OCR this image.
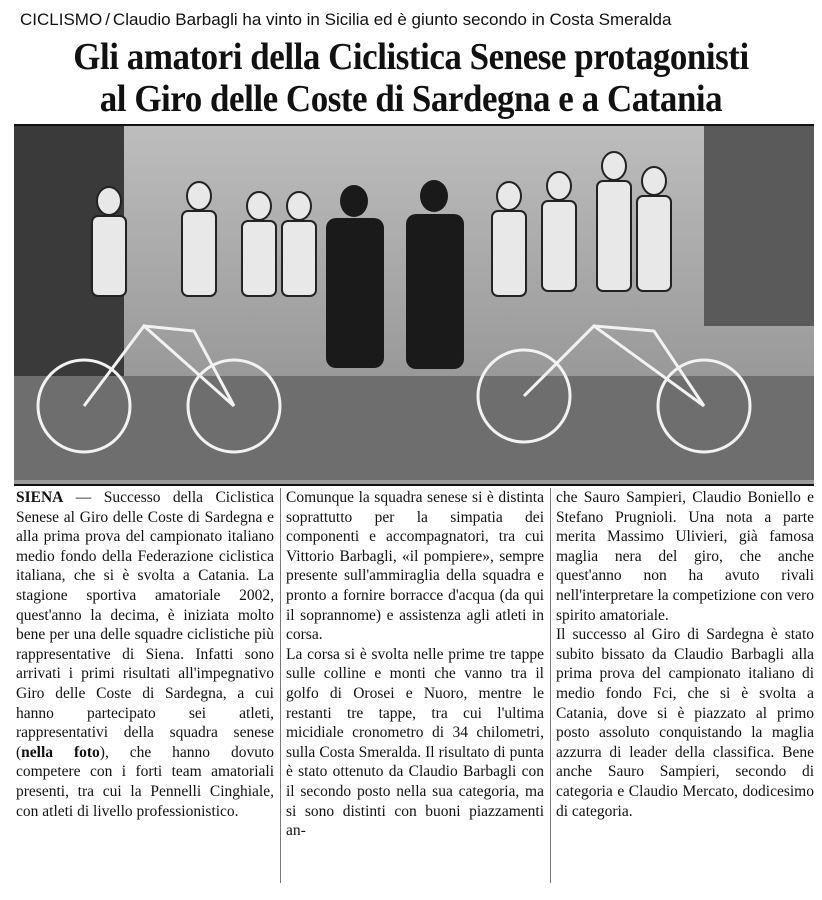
CICLISMO / Claudio Barbagli ha vinto in Sicilia ed è giunto secondo in Costa Smeralda
Gli amatori della Ciclistica Senese protagonisti
al Giro delle Coste di Sardegna e a Catania

SIENA — Successo della Ciclistica Senese al Giro delle Coste di Sardegna e alla prima prova del campionato italiano medio fondo della Federazione ciclistica italiana, che si è svolta a Catania. La stagione sportiva amatoriale 2002, quest'anno la decima, è iniziata molto bene per una delle squadre ciclistiche più rappresentative di Siena. Infatti sono arrivati i primi risultati all'impegnativo Giro delle Coste di Sardegna, a cui hanno partecipato sei atleti, rappresentativi della squadra senese (nella foto), che hanno dovuto competere con i forti team amatoriali presenti, tra cui la Pennelli Cinghiale, con atleti di livello professionistico.

Comunque la squadra senese si è distinta soprattutto per la simpatia dei componenti e accompagnatori, tra cui Vittorio Barbagli, «il pompiere», sempre presente sull'ammiraglia della squadra e pronto a fornire borracce d'acqua (da qui il soprannome) e assistenza agli atleti in corsa.

La corsa si è svolta nelle prime tre tappe sulle colline e monti che vanno tra il golfo di Orosei e Nuoro, mentre le restanti tre tappe, tra cui l'ultima micidiale cronometro di 34 chilometri, sulla Costa Smeralda. Il risultato di punta è stato ottenuto da Claudio Barbagli con il secondo posto nella sua categoria, ma si sono distinti con buoni piazzamenti an-

che Sauro Sampieri, Claudio Boniello e Stefano Prugnioli. Una nota a parte merita Massimo Ulivieri, già famosa maglia nera del giro, che anche quest'anno non ha avuto rivali nell'interpretare la competizione con vero spirito amatoriale.

Il successo al Giro di Sardegna è stato subito bissato da Claudio Barbagli alla prima prova del campionato italiano di medio fondo Fci, che si è svolta a Catania, dove si è piazzato al primo posto assoluto conquistando la maglia azzurra di leader della classifica. Bene anche Sauro Sampieri, secondo di categoria e Claudio Mercato, dodicesimo di categoria.
